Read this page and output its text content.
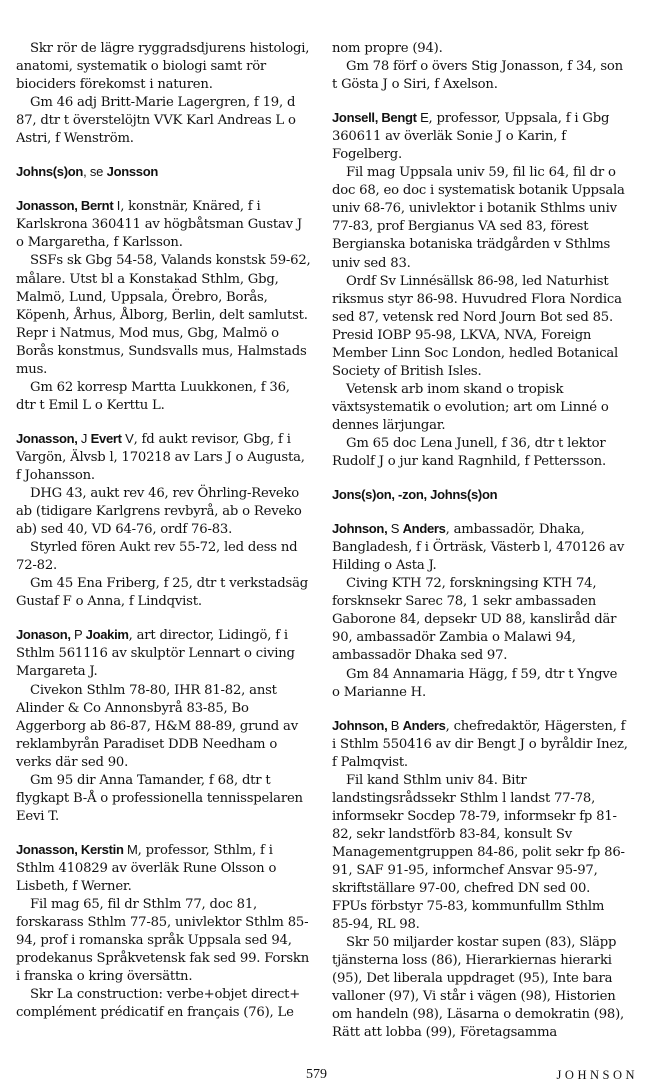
Skr rör de lägre ryggradsdjurens histologi, anatomi, systematik o biologi samt rör biociders förekomst i naturen.

Gm 46 adj Britt-Marie Lagergren, f 19, d 87, dtr t överstelöjtn VVK Karl Andreas L o Astri, f Wenström.

Johns(s)on, se Jonsson

Jonasson, Bernt I, konstnär, Knäred, f i Karlskrona 360411 av högbåtsman Gustav J o Margaretha, f Karlsson.

SSFs sk Gbg 54-58, Valands konstsk 59-62, målare. Utst bl a Konstakad Sthlm, Gbg, Malmö, Lund, Uppsala, Örebro, Borås, Köpenh, Århus, Ålborg, Berlin, delt samlutst. Repr i Natmus, Mod mus, Gbg, Malmö o Borås konstmus, Sundsvalls mus, Halmstads mus.

Gm 62 korresp Martta Luukkonen, f 36, dtr t Emil L o Kerttu L.

Jonasson, J Evert V, fd aukt revisor, Gbg, f i Vargön, Älvsb l, 170218 av Lars J o Augusta, f Johansson.

DHG 43, aukt rev 46, rev Öhrling-Reveko ab (tidigare Karlgrens revbyrå, ab o Reveko ab) sed 40, VD 64-76, ordf 76-83.

Styrled fören Aukt rev 55-72, led dess nd 72-82.

Gm 45 Ena Friberg, f 25, dtr t verkstadsäg Gustaf F o Anna, f Lindqvist.

Jonason, P Joakim, art director, Lidingö, f i Sthlm 561116 av skulptör Lennart o civing Margareta J.

Civekon Sthlm 78-80, IHR 81-82, anst Alinder & Co Annonsbyrå 83-85, Bo Aggerborg ab 86-87, H&M 88-89, grund av reklambyrån Paradiset DDB Needham o verks där sed 90.

Gm 95 dir Anna Tamander, f 68, dtr t flygkapt B-Å o professionella tennisspelaren Eevi T.

Jonasson, Kerstin M, professor, Sthlm, f i Sthlm 410829 av överläk Rune Olsson o Lisbeth, f Werner.

Fil mag 65, fil dr Sthlm 77, doc 81, forskarass Sthlm 77-85, univlektor Sthlm 85-94, prof i romanska språk Uppsala sed 94, prodekanus Språkvetensk fak sed 99. Forskn i franska o kring översättn.

Skr La construction: verbe+objet direct+ complément prédicatif en français (76), Le

nom propre (94).

Gm 78 förf o övers Stig Jonasson, f 34, son t Gösta J o Siri, f Axelson.

Jonsell, Bengt E, professor, Uppsala, f i Gbg 360611 av överläk Sonie J o Karin, f Fogelberg.

Fil mag Uppsala univ 59, fil lic 64, fil dr o doc 68, eo doc i systematisk botanik Uppsala univ 68-76, univlektor i botanik Sthlms univ 77-83, prof Bergianus VA sed 83, förest Bergianska botaniska trädgården v Sthlms univ sed 83.

Ordf Sv Linnésällsk 86-98, led Naturhist riksmus styr 86-98. Huvudred Flora Nordica sed 87, vetensk red Nord Journ Bot sed 85. Presid IOBP 95-98, LKVA, NVA, Foreign Member Linn Soc London, hedled Botanical Society of British Isles.

Vetensk arb inom skand o tropisk växtsystematik o evolution; art om Linné o dennes lärjungar.

Gm 65 doc Lena Junell, f 36, dtr t lektor Rudolf J o jur kand Ragnhild, f Pettersson.

Jons(s)on, -zon, Johns(s)on

Johnson, S Anders, ambassadör, Dhaka, Bangladesh, f i Örträsk, Västerb l, 470126 av Hilding o Asta J.

Civing KTH 72, forskningsing KTH 74, forsknsekr Sarec 78, 1 sekr ambassaden Gaborone 84, depsekr UD 88, kansliråd där 90, ambassadör Zambia o Malawi 94, ambassadör Dhaka sed 97.

Gm 84 Annamaria Hägg, f 59, dtr t Yngve o Marianne H.

Johnson, B Anders, chefredaktör, Hägersten, f i Sthlm 550416 av dir Bengt J o byråldir Inez, f Palmqvist.

Fil kand Sthlm univ 84. Bitr landstingsrådssekr Sthlm l landst 77-78, informsekr Socdep 78-79, informsekr fp 81-82, sekr landstförb 83-84, konsult Sv Managementgruppen 84-86, polit sekr fp 86-91, SAF 91-95, informchef Ansvar 95-97, skriftställare 97-00, chefred DN sed 00. FPUs förbstyr 75-83, kommunfullm Sthlm 85-94, RL 98.

Skr 50 miljarder kostar supen (83), Släpp tjänsterna loss (86), Hierarkiernas hierarki (95), Det liberala uppdraget (95), Inte bara valloner (97), Vi står i vägen (98), Historien om handeln (98), Läsarna o demokratin (98), Rätt att lobba (99), Företagsamma

579	JOHNSON
